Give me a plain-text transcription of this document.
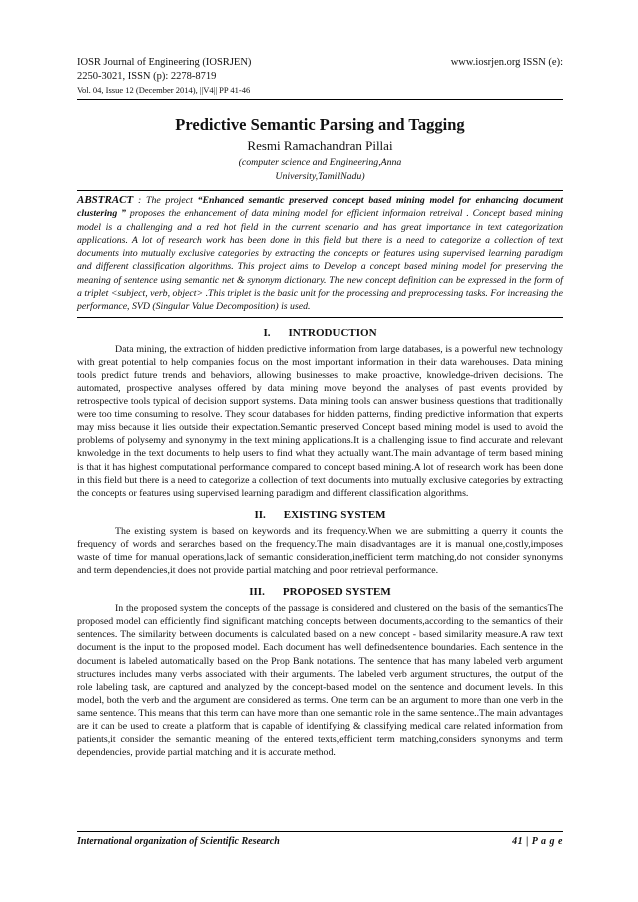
IOSR Journal of Engineering (IOSRJEN)	www.iosrjen.org ISSN (e):
2250-3021, ISSN (p): 2278-8719
Vol. 04, Issue 12 (December 2014), ||V4|| PP 41-46
Predictive Semantic Parsing and Tagging
Resmi Ramachandran Pillai
(computer science and Engineering,Anna
University,TamilNadu)

ABSTRACT : The project “Enhanced semantic preserved concept based mining model for enhancing document clustering ” proposes the enhancement of data mining model for efficient informaion retreival . Concept based mining model is a challenging and a red hot field in the current scenario and has great importance in text categorization applications. A lot of research work has been done in this field but there is a need to categorize a collection of text documents into mutually exclusive categories by extracting the concepts or features using supervised learning paradigm and different classification algorithms. This project aims to Develop a concept based mining model for preserving the meaning of sentence using semantic net & synonym dictionary. The new concept definition can be expressed in the form of a triplet <subject, verb, object> .This triplet is the basic unit for the processing and preprocessing tasks. For increasing the performance, SVD (Singular Value Decomposition) is used.

I. INTRODUCTION

Data mining, the extraction of hidden predictive information from large databases, is a powerful new technology with great potential to help companies focus on the most important information in their data warehouses. Data mining tools predict future trends and behaviors, allowing businesses to make proactive, knowledge-driven decisions. The automated, prospective analyses offered by data mining move beyond the analyses of past events provided by retrospective tools typical of decision support systems. Data mining tools can answer business questions that traditionally were too time consuming to resolve. They scour databases for hidden patterns, finding predictive information that experts may miss because it lies outside their expectation.Semantic preserved Concept based mining model is used to avoid the problems of polysemy and synonymy in the text mining applications.It is a challenging issue to find accurate and relevant knwoledge in the text documents to help users to find what they actually want.The main advantage of term based mining is that it has highest computational performance compared to concept based mining.A lot of research work has been done in this field but there is a need to categorize a collection of text documents into mutually exclusive categories by extracting the concepts or features using supervised learning paradigm and different classification algorithms.

II. EXISTING SYSTEM

The existing system is based on keywords and its frequency.When we are submitting a querry it counts the frequency of words and serarches based on the frequency.The main disadvantages are it is manual one,costly,imposes waste of time for manual operations,lack of semantic consideration,inefficient term matching,do not consider synonyms and term dependencies,it does not provide partial matching and poor retrieval performance.

III. PROPOSED SYSTEM

In the proposed system the concepts of the passage is considered and clustered on the basis of the semanticsThe proposed model can efficiently find significant matching concepts between documents,according to the semantics of their sentences. The similarity between documents is calculated based on a new concept - based similarity measure.A raw text document is the input to the proposed model. Each document has well definedsentence boundaries. Each sentence in the document is labeled automatically based on the Prop Bank notations. The sentence that has many labeled verb argument structures includes many verbs associated with their arguments. The labeled verb argument structures, the output of the role labeling task, are captured and analyzed by the concept-based model on the sentence and document levels. In this model, both the verb and the argument are considered as terms. One term can be an argument to more than one verb in the same sentence. This means that this term can have more than one semantic role in the same sentence..The main advantages are it can be used to create a platform that is capable of identifying & classifying medical care related information from patients,it consider the semantic meaning of the entered texts,efficient term matching,considers synonyms and term dependencies, provide partial matching and it is accurate method.

International organization of Scientific Research	41 | P a g e
